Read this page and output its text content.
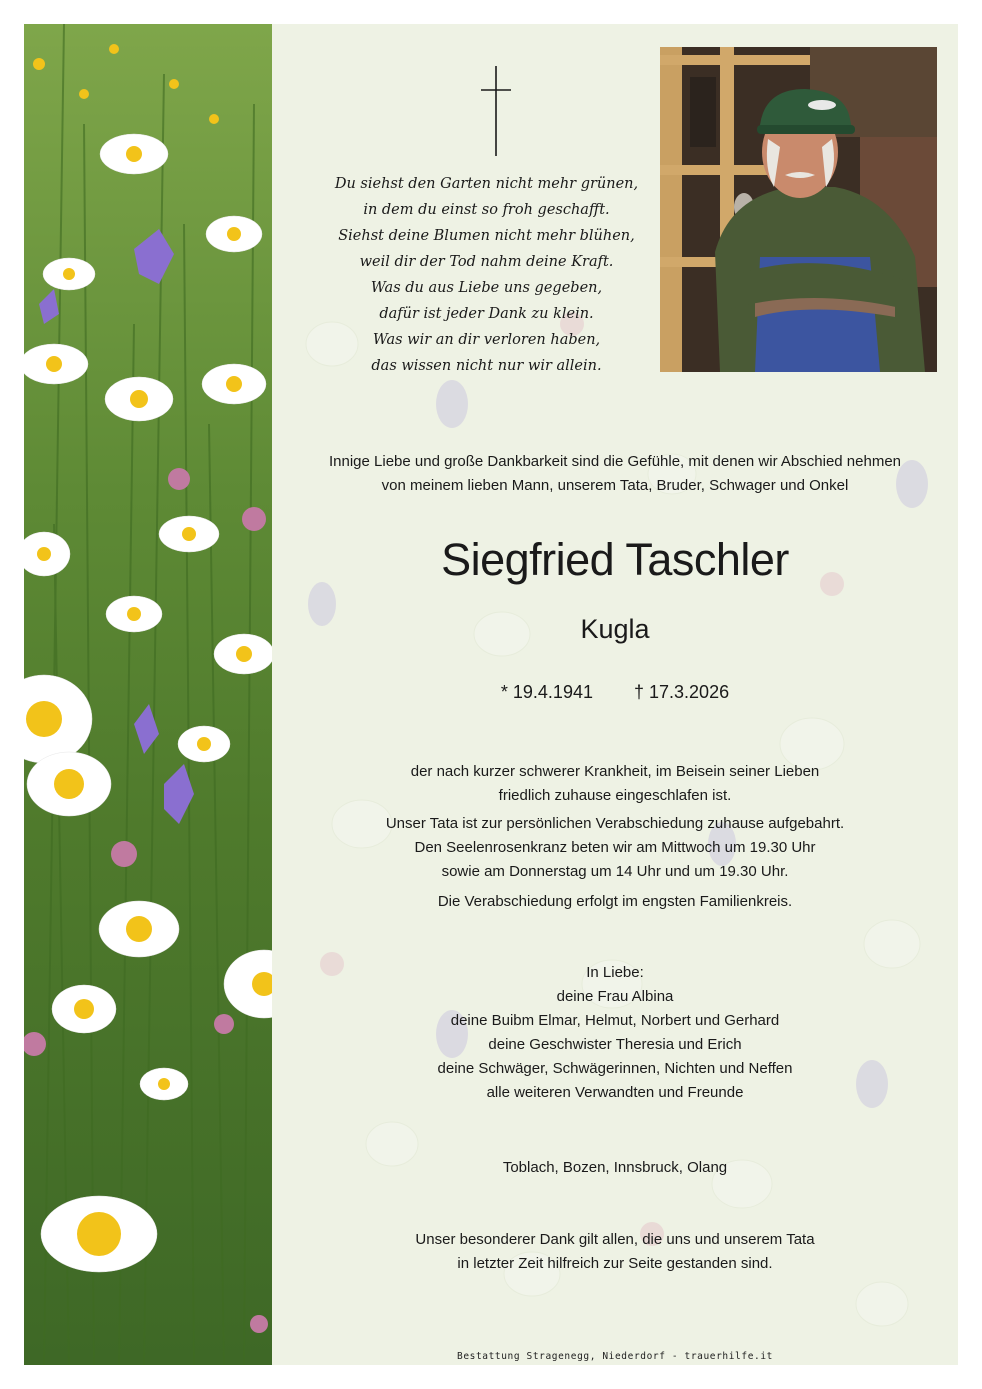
Du siehst den Garten nicht mehr grünen,
in dem du einst so froh geschafft.
Siehst deine Blumen nicht mehr blühen,
weil dir der Tod nahm deine Kraft.
Was du aus Liebe uns gegeben,
dafür ist jeder Dank zu klein.
Was wir an dir verloren haben,
das wissen nicht nur wir allein.
Innige Liebe und große Dankbarkeit sind die Gefühle, mit denen wir Abschied nehmen
von meinem lieben Mann, unserem Tata, Bruder, Schwager und Onkel
Siegfried Taschler
Kugla
* 19.4.1941 † 17.3.2026
der nach kurzer schwerer Krankheit, im Beisein seiner Lieben
friedlich zuhause eingeschlafen ist.
Unser Tata ist zur persönlichen Verabschiedung zuhause aufgebahrt.
Den Seelenrosenkranz beten wir am Mittwoch um 19.30 Uhr
sowie am Donnerstag um 14 Uhr und um 19.30 Uhr.
Die Verabschiedung erfolgt im engsten Familienkreis.
In Liebe:
deine Frau Albina
deine Buibm Elmar, Helmut, Norbert und Gerhard
deine Geschwister Theresia und Erich
deine Schwäger, Schwägerinnen, Nichten und Neffen
alle weiteren Verwandten und Freunde
Toblach, Bozen, Innsbruck, Olang
Unser besonderer Dank gilt allen, die uns und unserem Tata
in letzter Zeit hilfreich zur Seite gestanden sind.
Bestattung Stragenegg, Niederdorf - trauerhilfe.it
